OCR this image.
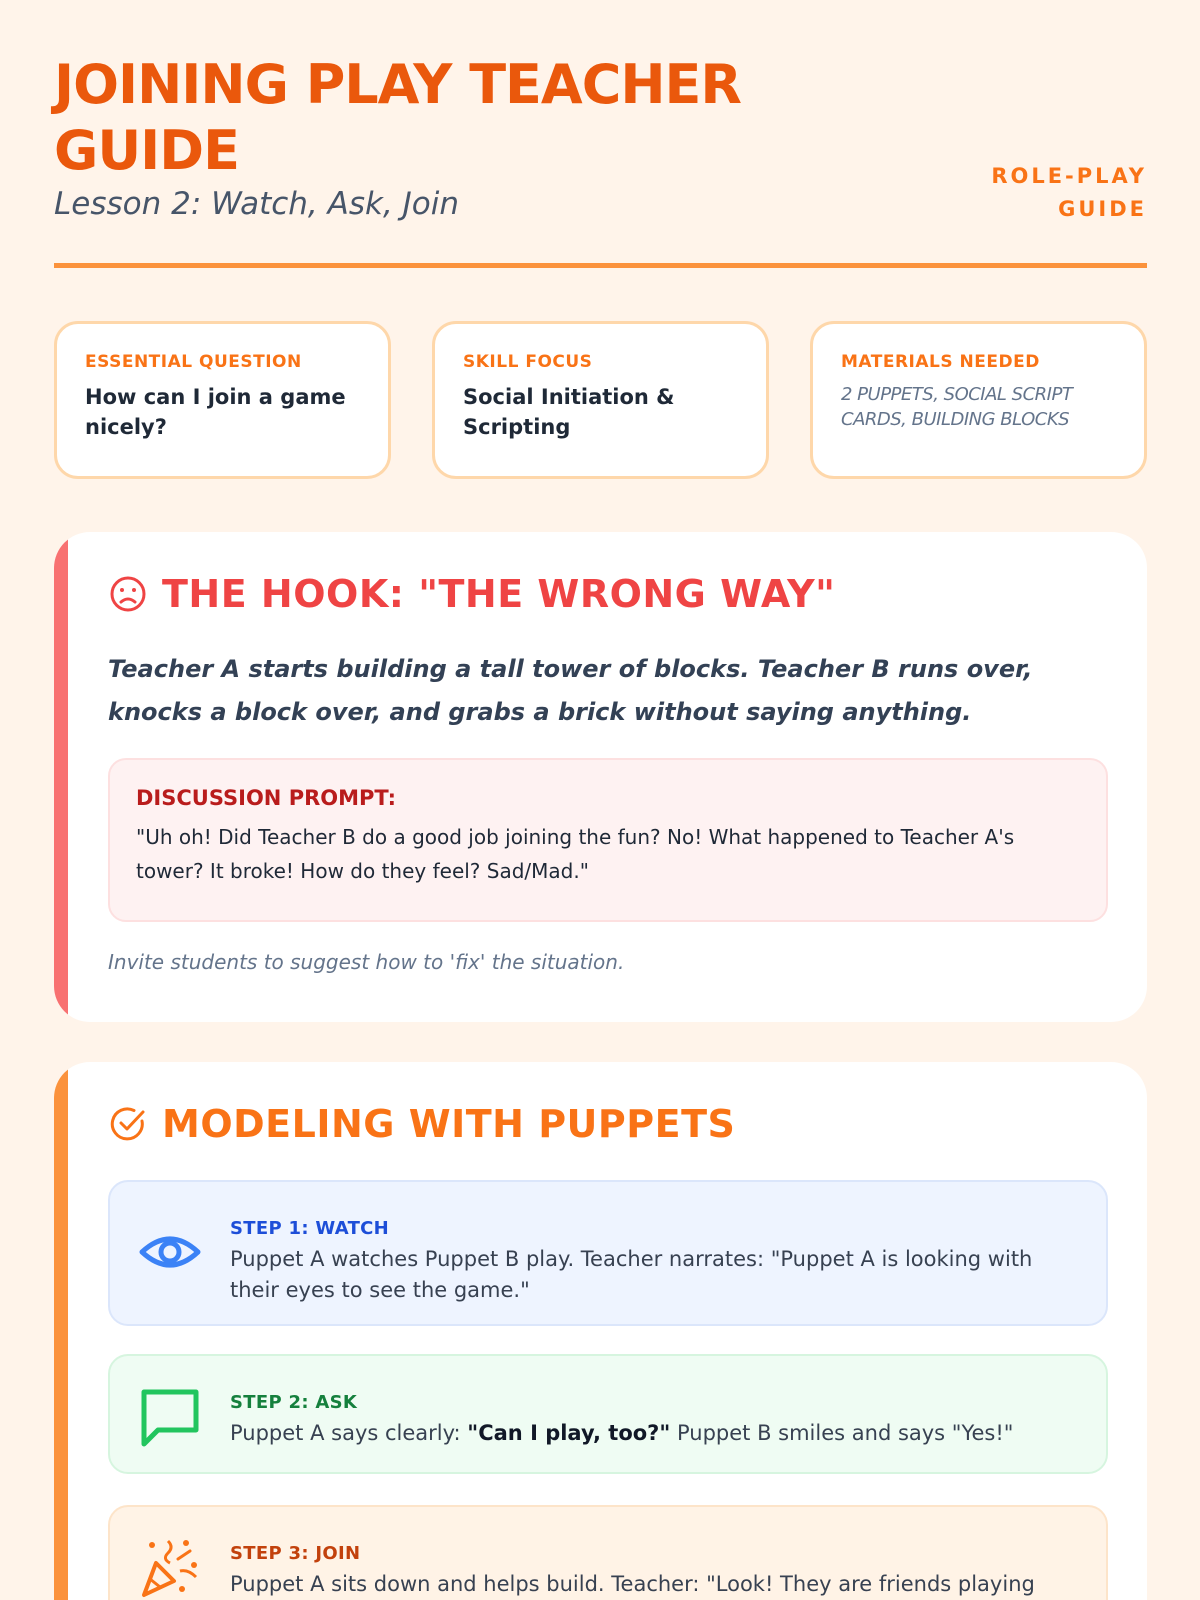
JOINING PLAY TEACHER GUIDE
Lesson 2: Watch, Ask, Join
ROLE-PLAY GUIDE
ESSENTIAL QUESTION
How can I join a game nicely?
SKILL FOCUS
Social Initiation & Scripting
MATERIALS NEEDED
2 PUPPETS, SOCIAL SCRIPT CARDS, BUILDING BLOCKS
THE HOOK: "THE WRONG WAY"
Teacher A starts building a tall tower of blocks. Teacher B runs over, knocks a block over, and grabs a brick without saying anything.
DISCUSSION PROMPT:
"Uh oh! Did Teacher B do a good job joining the fun? No! What happened to Teacher A's tower? It broke! How do they feel? Sad/Mad."
Invite students to suggest how to 'fix' the situation.
MODELING WITH PUPPETS
STEP 1: WATCH
Puppet A watches Puppet B play. Teacher narrates: "Puppet A is looking with their eyes to see the game."
STEP 2: ASK
Puppet A says clearly: "Can I play, too?" Puppet B smiles and says "Yes!"
STEP 3: JOIN
Puppet A sits down and helps build. Teacher: "Look! They are friends playing
